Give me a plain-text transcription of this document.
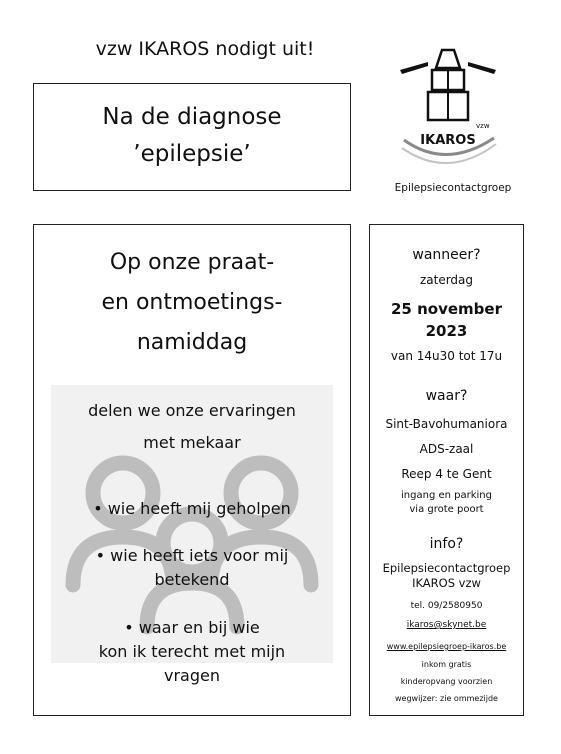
vzw IKAROS nodigt uit!
Na de diagnose
’epilepsie’
vzw
IKAROS
Epilepsiecontactgroep
Op onze praat-
en ontmoetings-
namiddag
delen we onze ervaringen
met mekaar
• wie heeft mij geholpen
• wie heeft iets voor mij
betekend
• waar en bij wie
kon ik terecht met mijn
vragen
wanneer?
zaterdag
25 november
2023
van 14u30 tot 17u
waar?
Sint-Bavohumaniora
ADS-zaal
Reep 4 te Gent
ingang en parking
via grote poort
info?
Epilepsiecontactgroep
IKAROS vzw
tel. 09/2580950
ikaros@skynet.be
www.epilepsiegroep-ikaros.be
inkom gratis
kinderopvang voorzien
wegwijzer: zie ommezijde
